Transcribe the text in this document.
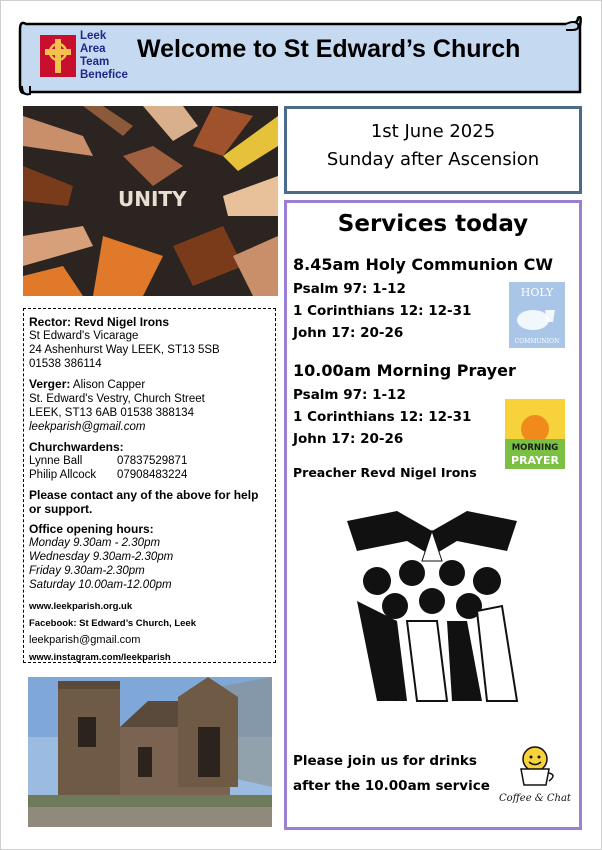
Leek
Area
Team
Benefice
Welcome to St Edward’s Church
UNITY
Rector: Revd Nigel Irons
St Edward's Vicarage
24 Ashenhurst Way LEEK, ST13 5SB
01538 386114
Verger: Alison Capper
St. Edward's Vestry, Church Street
LEEK, ST13 6AB 01538 388134
leekparish@gmail.com
Churchwardens:
Lynne Ball	07837529871
Philip Allcock	07908483224
Please contact any of the above for help or support.
Office opening hours:
Monday 9.30am - 2.30pm
Wednesday 9.30am-2.30pm
Friday 9.30am-2.30pm
Saturday 10.00am-12.00pm
www.leekparish.org.uk
Facebook: St Edward’s Church, Leek
leekparish@gmail.com
www.instagram.com/leekparish
1st June 2025
Sunday after Ascension
Services today
8.45am Holy Communion CW
Psalm 97: 1-12
1 Corinthians 12: 12-31
John 17: 20-26
HOLY
COMMUNION
10.00am Morning Prayer
Psalm 97: 1-12
1 Corinthians 12: 12-31
John 17: 20-26
MORNING
PRAYER
Preacher Revd Nigel Irons
Please join us for drinks
after the 10.00am service
Coffee & Chat
